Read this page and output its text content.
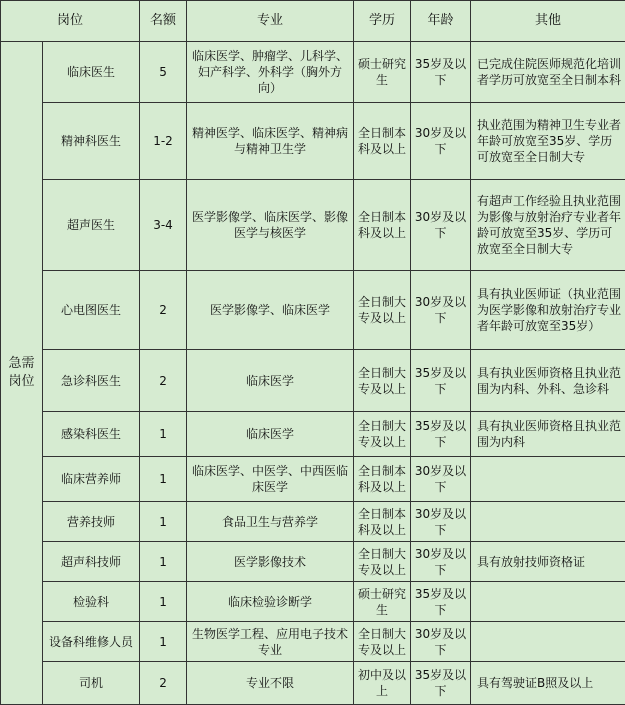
岗位		名额	专业	学历	年龄	其他
急需岗位	临床医生	5	临床医学、肿瘤学、儿科学、妇产科学、外科学（胸外方向）	硕士研究生	35岁及以下	已完成住院医师规范化培训者学历可放宽至全日制本科
	精神科医生	1-2	精神医学、临床医学、精神病与精神卫生学	全日制本科及以上	30岁及以下	执业范围为精神卫生专业者年龄可放宽至35岁、学历可放宽至全日制大专
	超声医生	3-4	医学影像学、临床医学、影像医学与核医学	全日制本科及以上	30岁及以下	有超声工作经验且执业范围为影像与放射治疗专业者年龄可放宽至35岁、学历可放宽至全日制大专
	心电图医生	2	医学影像学、临床医学	全日制大专及以上	30岁及以下	具有执业医师证（执业范围为医学影像和放射治疗专业者年龄可放宽至35岁）
	急诊科医生	2	临床医学	全日制大专及以上	35岁及以下	具有执业医师资格且执业范围为内科、外科、急诊科
	感染科医生	1	临床医学	全日制大专及以上	35岁及以下	具有执业医师资格且执业范围为内科
	临床营养师	1	临床医学、中医学、中西医临床医学	全日制本科及以上	30岁及以下	
	营养技师	1	食品卫生与营养学	全日制本科及以上	30岁及以下	
	超声科技师	1	医学影像技术	全日制大专及以上	30岁及以下	具有放射技师资格证
	检验科	1	临床检验诊断学	硕士研究生	35岁及以下	
	设备科维修人员	1	生物医学工程、应用电子技术专业	全日制大专及以上	30岁及以下	
	司机	2	专业不限	初中及以上	35岁及以下	具有驾驶证B照及以上
